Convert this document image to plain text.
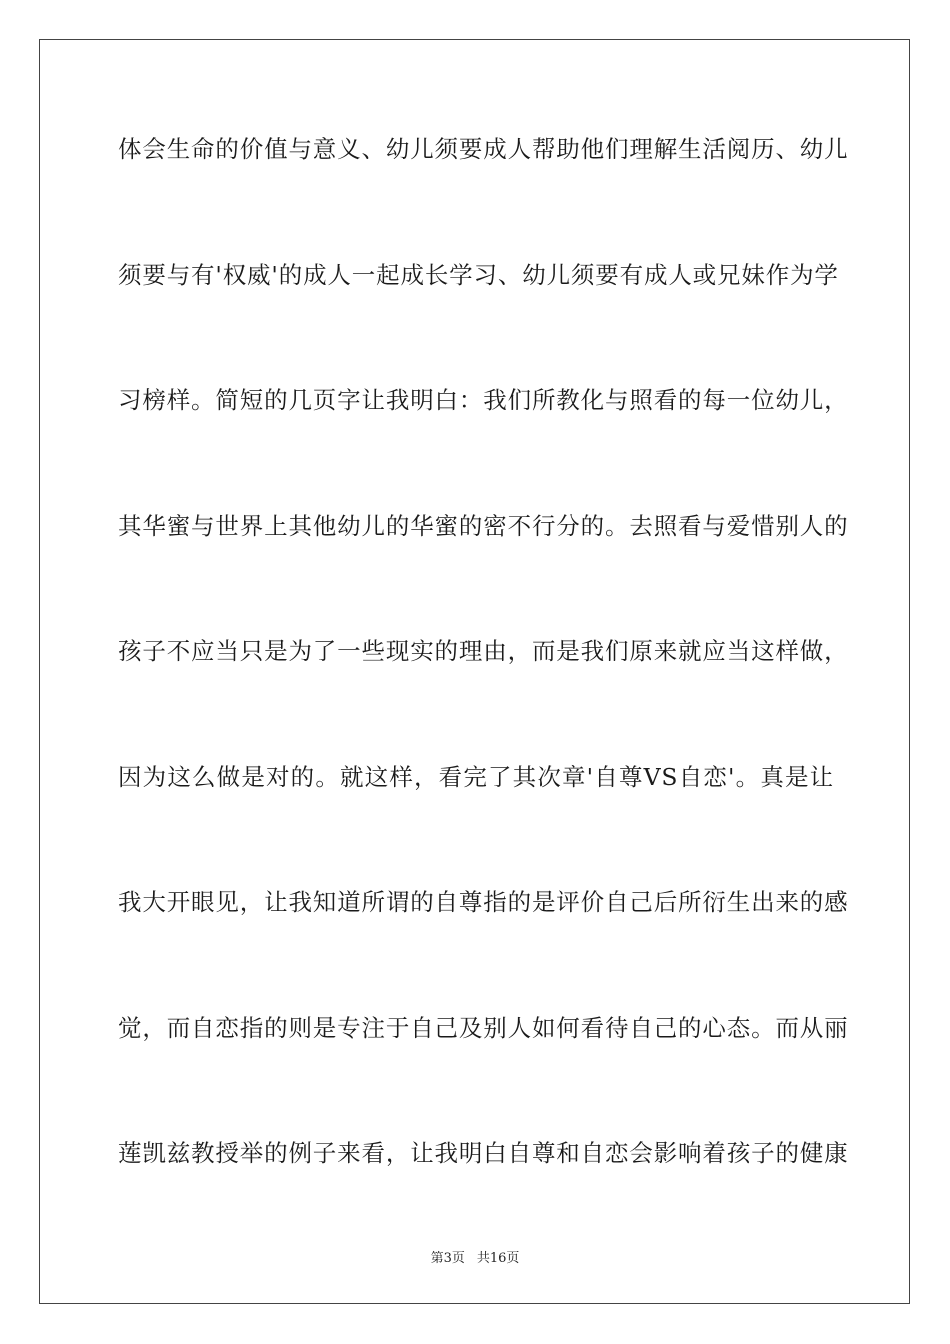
体会生命的价值与意义、幼儿须要成人帮助他们理解生活阅历、幼儿
须要与有'权威'的成人一起成长学习、幼儿须要有成人或兄妹作为学
习榜样。简短的几页字让我明白：我们所教化与照看的每一位幼儿，
其华蜜与世界上其他幼儿的华蜜的密不行分的。去照看与爱惜别人的
孩子不应当只是为了一些现实的理由，而是我们原来就应当这样做，
因为这么做是对的。就这样，看完了其次章'自尊VS自恋'。真是让
我大开眼见，让我知道所谓的自尊指的是评价自己后所衍生出来的感
觉，而自恋指的则是专注于自己及别人如何看待自己的心态。而从丽
莲凯兹教授举的例子来看，让我明白自尊和自恋会影响着孩子的健康
第3页 共16页
